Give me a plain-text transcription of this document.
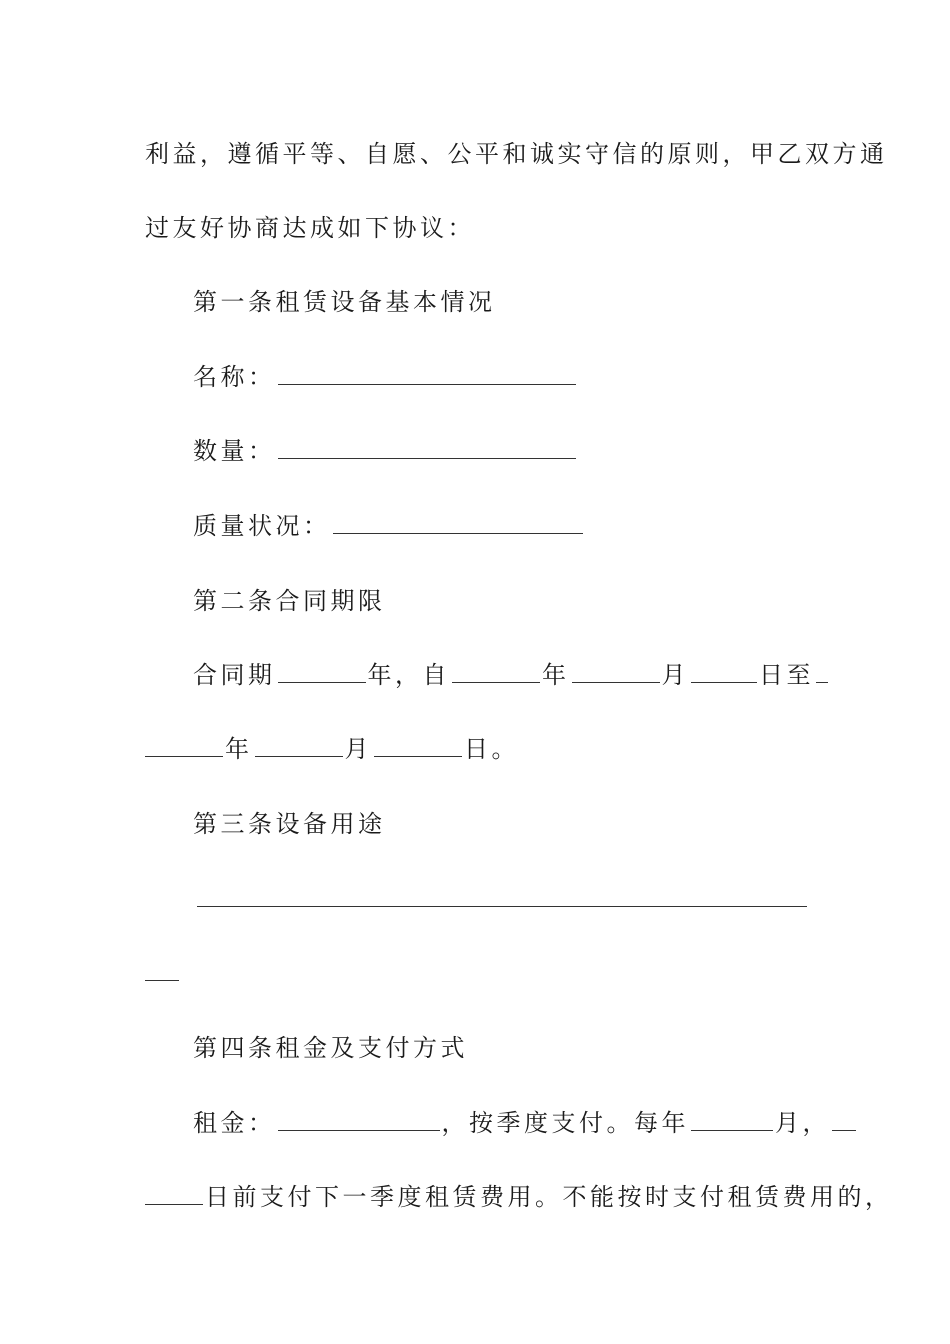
利益，遵循平等、自愿、公平和诚实守信的原则，甲乙双方通
过友好协商达成如下协议：
第一条租赁设备基本情况
名称：
数量：
质量状况：
第二条合同期限
合同期	年，自	年	月	日至
年	月	日。
第三条设备用途
第四条租金及支付方式
租金：	，按季度支付。每年	月，
日前支付下一季度租赁费用。不能按时支付租赁费用的，
